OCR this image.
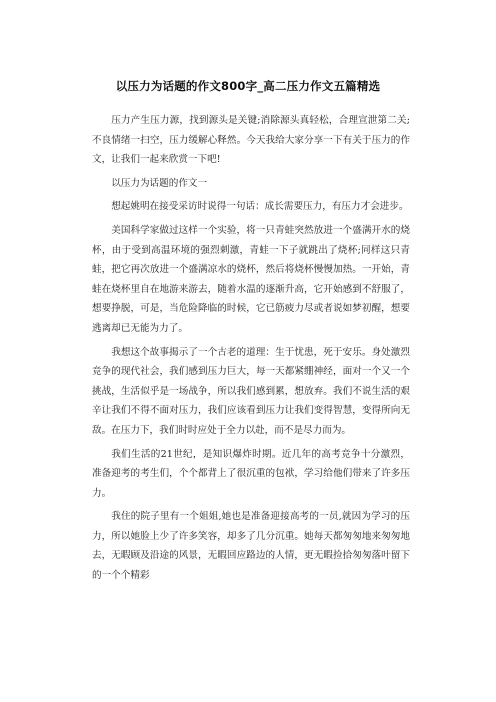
以压力为话题的作文800字_高二压力作文五篇精选

压力产生压力源，找到源头是关键;消除源头真轻松，合理宣泄第二关;不良情绪一扫空，压力缓解心释然。今天我给大家分享一下有关于压力的作文，让我们一起来欣赏一下吧!

以压力为话题的作文一

想起姚明在接受采访时说得一句话：成长需要压力，有压力才会进步。

美国科学家做过这样一个实验，将一只青蛙突然放进一个盛满开水的烧杯，由于受到高温环境的强烈刺激，青蛙一下子就跳出了烧杯;同样这只青蛙，把它再次放进一个盛满凉水的烧杯，然后将烧杯慢慢加热。一开始，青蛙在烧杯里自在地游来游去，随着水温的逐渐升高，它开始感到不舒服了，想要挣脱，可是，当危险降临的时候，它已筋疲力尽或者说如梦初醒，想要逃离却已无能为力了。

我想这个故事揭示了一个古老的道理：生于忧患，死于安乐。身处激烈竞争的现代社会，我们感到压力巨大，每一天都紧绷神经，面对一个又一个挑战，生活似乎是一场战争，所以我们感到累，想放弃。我们不说生活的艰辛让我们不得不面对压力，我们应该看到压力让我们变得智慧，变得所向无敌。在压力下，我们时时应处于全力以赴，而不是尽力而为。

我们生活的21世纪，是知识爆炸时期。近几年的高考竞争十分激烈，准备迎考的考生们，个个都背上了很沉重的包袱，学习给他们带来了许多压力。

我住的院子里有一个姐姐,她也是准备迎接高考的一员,就因为学习的压力，所以她脸上少了许多笑容，却多了几分沉重。她每天都匆匆地来匆匆地去，无暇顾及沿途的风景，无暇回应路边的人情，更无暇捡拾匆匆落叶留下的一个个精彩
